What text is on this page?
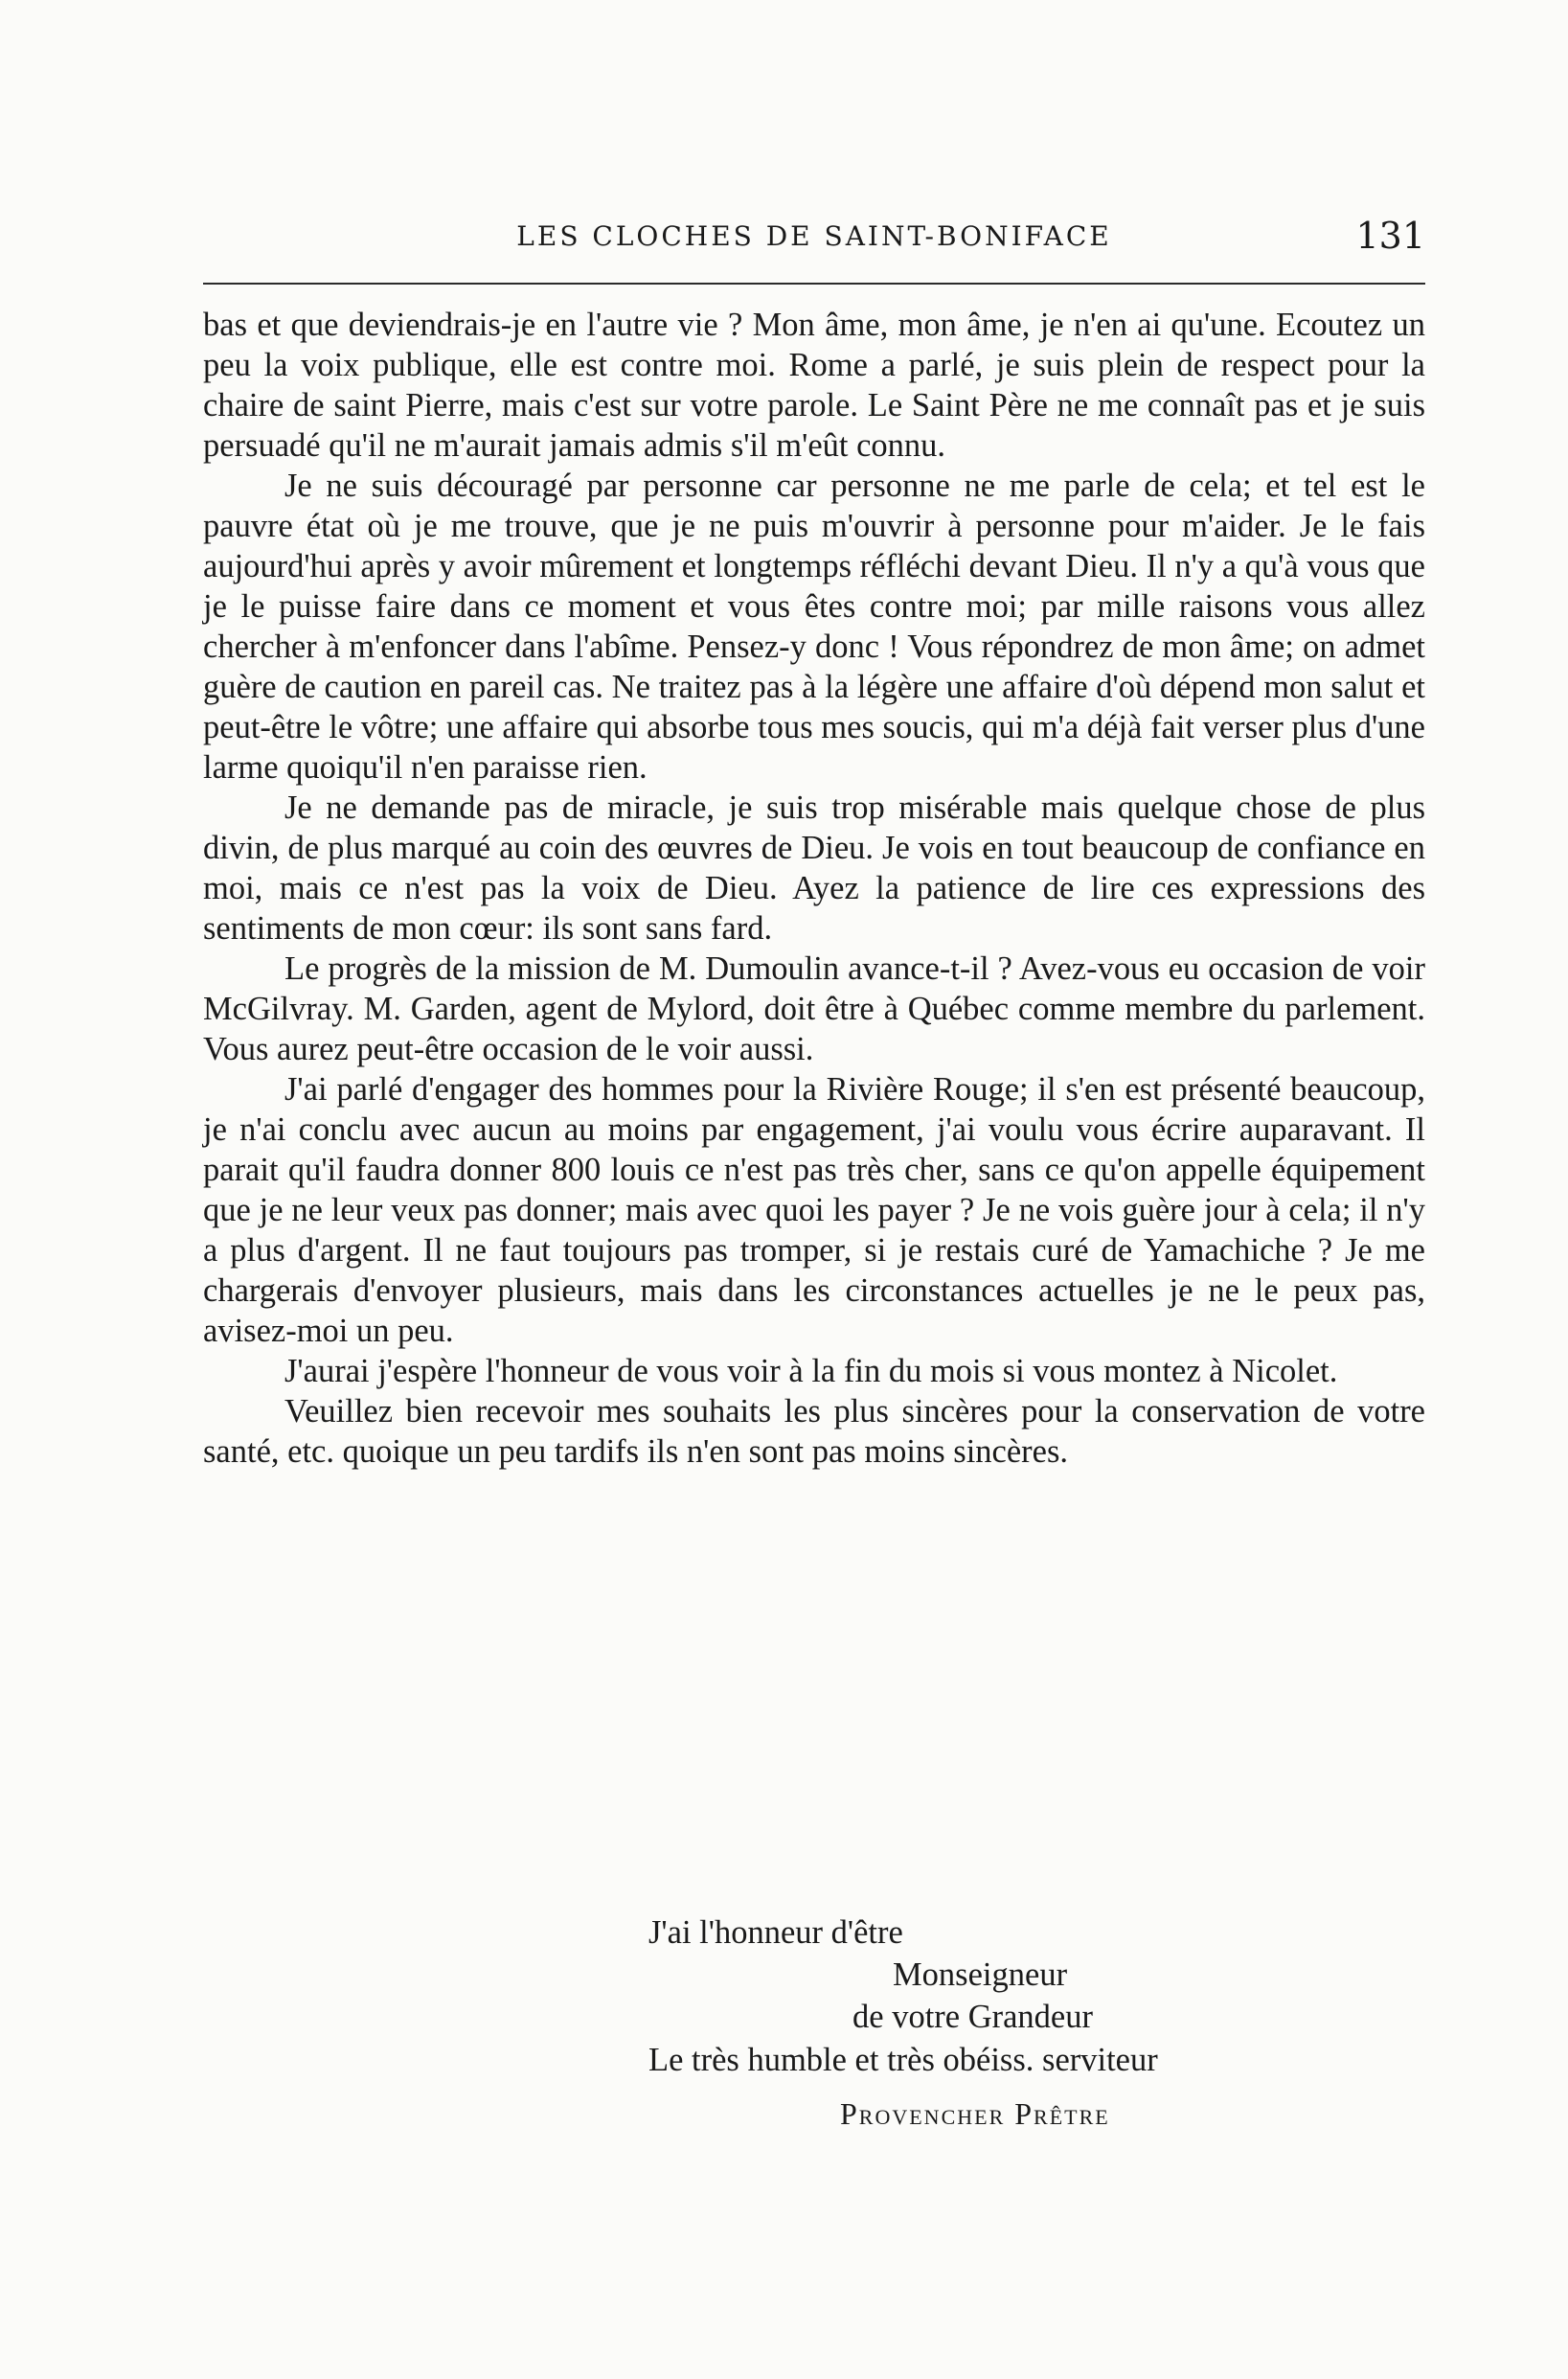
LES CLOCHES DE SAINT-BONIFACE	131

bas et que deviendrais-je en l'autre vie ? Mon âme, mon âme, je n'en ai qu'une. Ecoutez un peu la voix publique, elle est contre moi. Rome a parlé, je suis plein de respect pour la chaire de saint Pierre, mais c'est sur votre parole. Le Saint Père ne me connaît pas et je suis persuadé qu'il ne m'aurait jamais admis s'il m'eût connu.

Je ne suis découragé par personne car personne ne me parle de cela; et tel est le pauvre état où je me trouve, que je ne puis m'ouvrir à personne pour m'aider. Je le fais aujourd'hui après y avoir mûrement et longtemps réfléchi devant Dieu. Il n'y a qu'à vous que je le puisse faire dans ce moment et vous êtes contre moi; par mille raisons vous allez chercher à m'enfoncer dans l'abîme. Pensez-y donc ! Vous répondrez de mon âme; on admet guère de caution en pareil cas. Ne traitez pas à la légère une affaire d'où dépend mon salut et peut-être le vôtre; une affaire qui absorbe tous mes soucis, qui m'a déjà fait verser plus d'une larme quoiqu'il n'en paraisse rien.

Je ne demande pas de miracle, je suis trop misérable mais quelque chose de plus divin, de plus marqué au coin des œuvres de Dieu. Je vois en tout beaucoup de confiance en moi, mais ce n'est pas la voix de Dieu. Ayez la patience de lire ces expressions des sentiments de mon cœur: ils sont sans fard.

Le progrès de la mission de M. Dumoulin avance-t-il ? Avez-vous eu occasion de voir McGilvray. M. Garden, agent de Mylord, doit être à Québec comme membre du parlement. Vous aurez peut-être occasion de le voir aussi.

J'ai parlé d'engager des hommes pour la Rivière Rouge; il s'en est présenté beaucoup, je n'ai conclu avec aucun au moins par engagement, j'ai voulu vous écrire auparavant. Il parait qu'il faudra donner 800 louis ce n'est pas très cher, sans ce qu'on appelle équipement que je ne leur veux pas donner; mais avec quoi les payer ? Je ne vois guère jour à cela; il n'y a plus d'argent. Il ne faut toujours pas tromper, si je restais curé de Yamachiche ? Je me chargerais d'envoyer plusieurs, mais dans les circonstances actuelles je ne le peux pas, avisez-moi un peu.

J'aurai j'espère l'honneur de vous voir à la fin du mois si vous montez à Nicolet.

Veuillez bien recevoir mes souhaits les plus sincères pour la conservation de votre santé, etc. quoique un peu tardifs ils n'en sont pas moins sincères.

J'ai l'honneur d'être
Monseigneur
de votre Grandeur
Le très humble et très obéiss. serviteur
Provencher Prêtre
